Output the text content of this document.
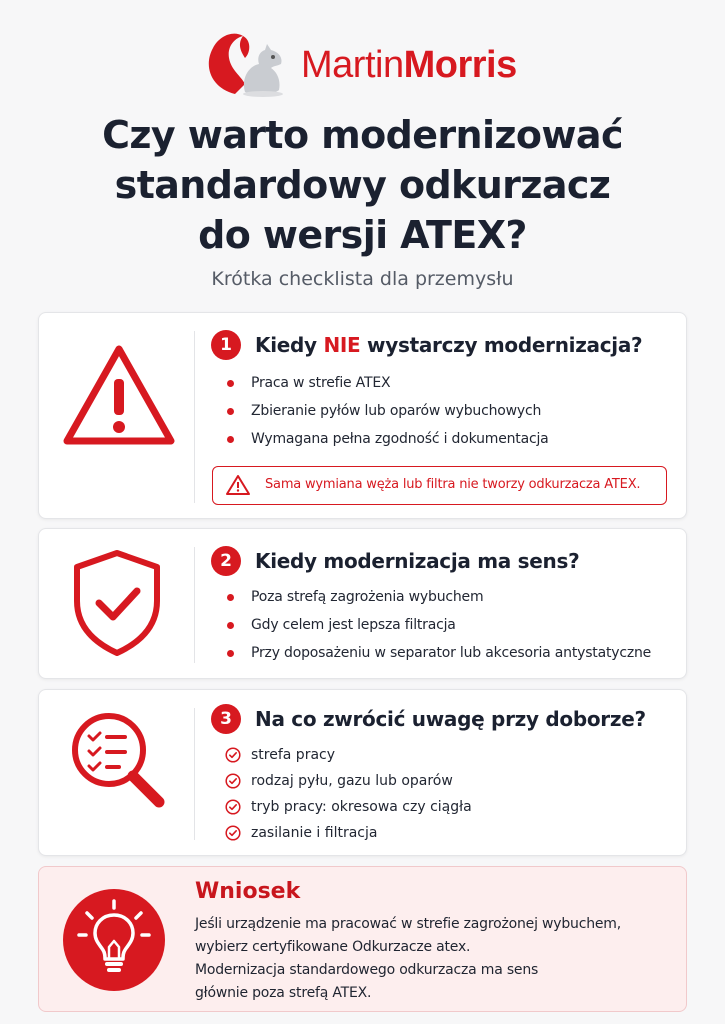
MartinMorris
Czy warto modernizować
standardowy odkurzacz
do wersji ATEX?
Krótka checklista dla przemysłu
1	Kiedy NIE wystarczy modernizacja?
Praca w strefie ATEX
Zbieranie pyłów lub oparów wybuchowych
Wymagana pełna zgodność i dokumentacja
Sama wymiana węża lub filtra nie tworzy odkurzacza ATEX.
2	Kiedy modernizacja ma sens?
Poza strefą zagrożenia wybuchem
Gdy celem jest lepsza filtracja
Przy doposażeniu w separator lub akcesoria antystatyczne
3	Na co zwrócić uwagę przy doborze?
strefa pracy
rodzaj pyłu, gazu lub oparów
tryb pracy: okresowa czy ciągła
zasilanie i filtracja
Wniosek
Jeśli urządzenie ma pracować w strefie zagrożonej wybuchem,
wybierz certyfikowane Odkurzacze atex.
Modernizacja standardowego odkurzacza ma sens
głównie poza strefą ATEX.
